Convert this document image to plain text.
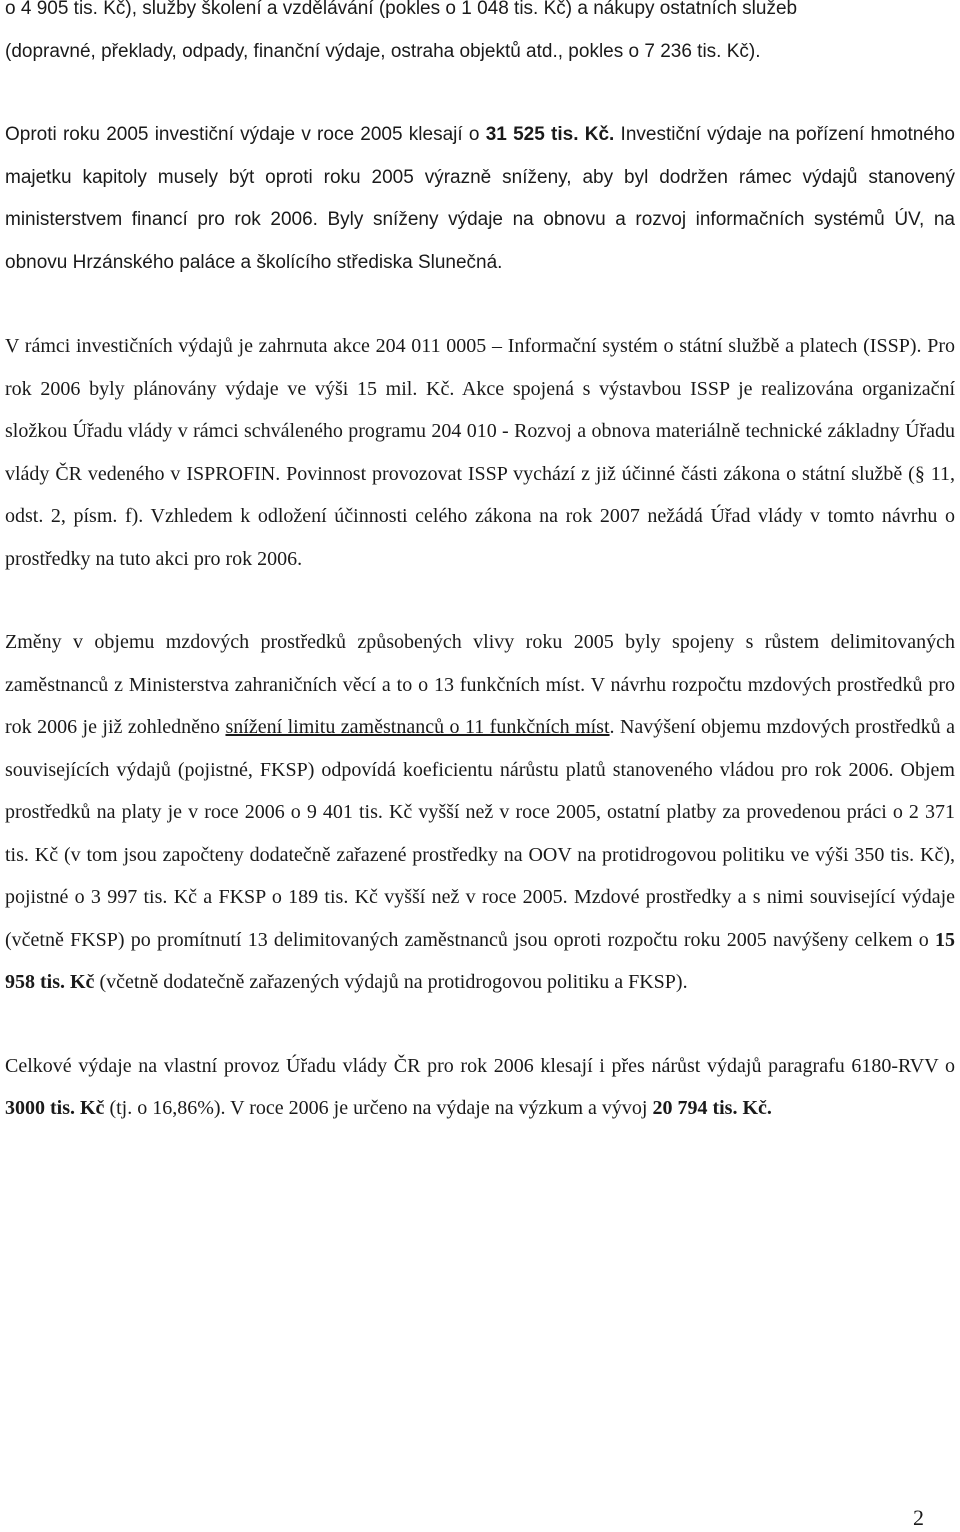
o 4 905 tis. Kč), služby školení a vzdělávání (pokles o 1 048 tis. Kč) a nákupy ostatních služeb
(dopravné, překlady, odpady, finanční výdaje, ostraha objektů atd., pokles o 7 236 tis. Kč).

Oproti roku 2005 investiční výdaje v roce 2005 klesají o 31 525 tis. Kč. Investiční výdaje na pořízení hmotného majetku kapitoly musely být oproti roku 2005 výrazně sníženy, aby byl dodržen rámec výdajů stanovený ministerstvem financí pro rok 2006. Byly sníženy výdaje na obnovu a rozvoj informačních systémů ÚV, na obnovu Hrzánského paláce a školícího střediska Slunečná.

V rámci investičních výdajů je zahrnuta akce 204 011 0005 – Informační systém o státní službě a platech (ISSP). Pro rok 2006 byly plánovány výdaje ve výši 15 mil. Kč. Akce spojená s výstavbou ISSP je realizována organizační složkou Úřadu vlády v rámci schváleného programu 204 010 - Rozvoj a obnova materiálně technické základny Úřadu vlády ČR vedeného v ISPROFIN. Povinnost provozovat ISSP vychází z již účinné části zákona o státní službě (§ 11, odst. 2, písm. f). Vzhledem k odložení účinnosti celého zákona na rok 2007 nežádá Úřad vlády v tomto návrhu o prostředky na tuto akci pro rok 2006.

Změny v objemu mzdových prostředků způsobených vlivy roku 2005 byly spojeny s růstem delimitovaných zaměstnanců z Ministerstva zahraničních věcí a to o 13 funkčních míst. V návrhu rozpočtu mzdových prostředků pro rok 2006 je již zohledněno snížení limitu zaměstnanců o 11 funkčních míst. Navýšení objemu mzdových prostředků a souvisejících výdajů (pojistné, FKSP) odpovídá koeficientu nárůstu platů stanoveného vládou pro rok 2006. Objem prostředků na platy je v roce 2006 o 9 401 tis. Kč vyšší než v roce 2005, ostatní platby za provedenou práci o 2 371 tis. Kč (v tom jsou započteny dodatečně zařazené prostředky na OOV na protidrogovou politiku ve výši 350 tis. Kč), pojistné o 3 997 tis. Kč a FKSP o 189 tis. Kč vyšší než v roce 2005. Mzdové prostředky a s nimi související výdaje (včetně FKSP) po promítnutí 13 delimitovaných zaměstnanců jsou oproti rozpočtu roku 2005 navýšeny celkem o 15 958 tis. Kč (včetně dodatečně zařazených výdajů na protidrogovou politiku a FKSP).

Celkové výdaje na vlastní provoz Úřadu vlády ČR pro rok 2006 klesají i přes nárůst výdajů paragrafu 6180-RVV o 3000 tis. Kč (tj. o 16,86%). V roce 2006 je určeno na výdaje na výzkum a vývoj 20 794 tis. Kč.

2
